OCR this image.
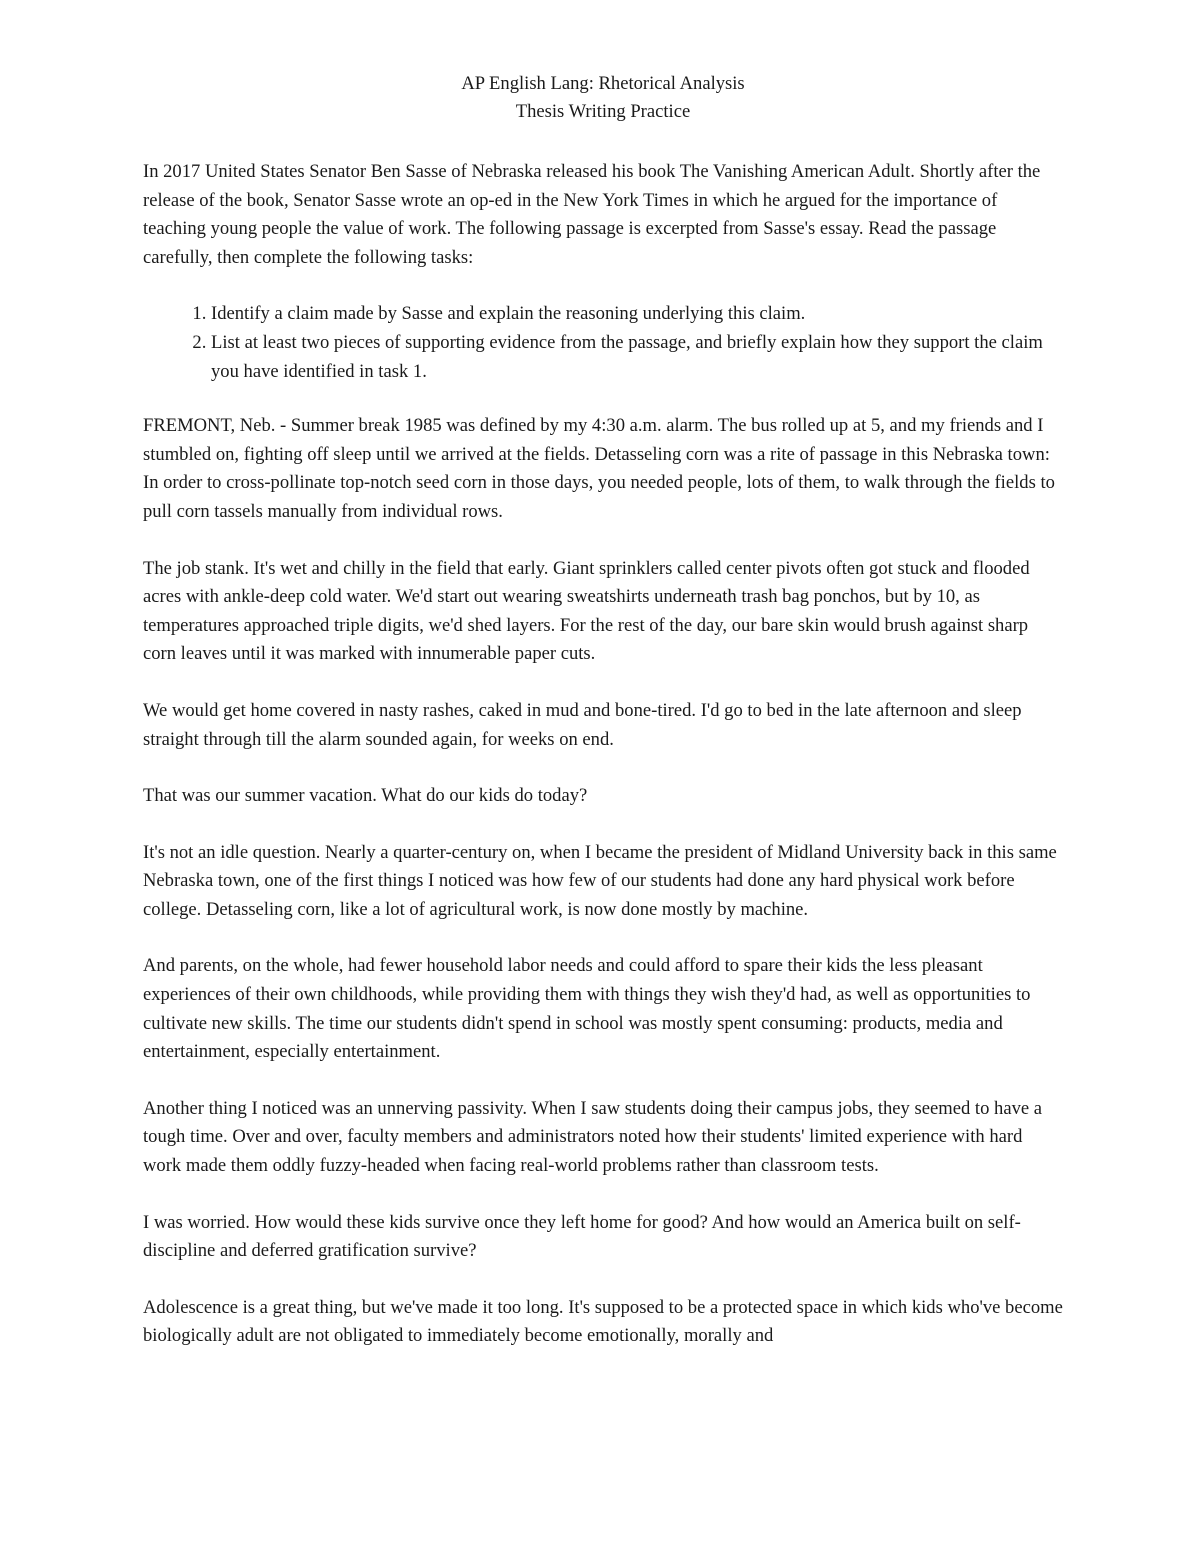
AP English Lang: Rhetorical Analysis
Thesis Writing Practice

In 2017 United States Senator Ben Sasse of Nebraska released his book The Vanishing American Adult. Shortly after the release of the book, Senator Sasse wrote an op-ed in the New York Times in which he argued for the importance of teaching young people the value of work. The following passage is excerpted from Sasse's essay. Read the passage carefully, then complete the following tasks:

1. Identify a claim made by Sasse and explain the reasoning underlying this claim.
2. List at least two pieces of supporting evidence from the passage, and briefly explain how they support the claim you have identified in task 1.

FREMONT, Neb. - Summer break 1985 was defined by my 4:30 a.m. alarm. The bus rolled up at 5, and my friends and I stumbled on, fighting off sleep until we arrived at the fields. Detasseling corn was a rite of passage in this Nebraska town: In order to cross-pollinate top-notch seed corn in those days, you needed people, lots of them, to walk through the fields to pull corn tassels manually from individual rows.

The job stank. It's wet and chilly in the field that early. Giant sprinklers called center pivots often got stuck and flooded acres with ankle-deep cold water. We'd start out wearing sweatshirts underneath trash bag ponchos, but by 10, as temperatures approached triple digits, we'd shed layers. For the rest of the day, our bare skin would brush against sharp corn leaves until it was marked with innumerable paper cuts.

We would get home covered in nasty rashes, caked in mud and bone-tired. I'd go to bed in the late afternoon and sleep straight through till the alarm sounded again, for weeks on end.

That was our summer vacation. What do our kids do today?

It's not an idle question. Nearly a quarter-century on, when I became the president of Midland University back in this same Nebraska town, one of the first things I noticed was how few of our students had done any hard physical work before college. Detasseling corn, like a lot of agricultural work, is now done mostly by machine.

And parents, on the whole, had fewer household labor needs and could afford to spare their kids the less pleasant experiences of their own childhoods, while providing them with things they wish they'd had, as well as opportunities to cultivate new skills. The time our students didn't spend in school was mostly spent consuming: products, media and entertainment, especially entertainment.

Another thing I noticed was an unnerving passivity. When I saw students doing their campus jobs, they seemed to have a tough time. Over and over, faculty members and administrators noted how their students' limited experience with hard work made them oddly fuzzy-headed when facing real-world problems rather than classroom tests.

I was worried. How would these kids survive once they left home for good? And how would an America built on self-discipline and deferred gratification survive?

Adolescence is a great thing, but we've made it too long. It's supposed to be a protected space in which kids who've become biologically adult are not obligated to immediately become emotionally, morally and
